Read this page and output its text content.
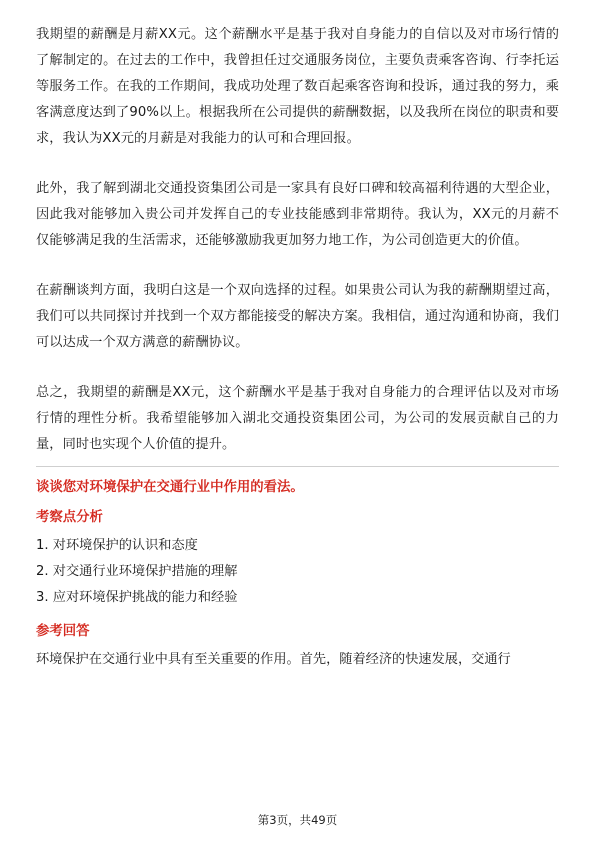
我期望的薪酬是月薪XX元。这个薪酬水平是基于我对自身能力的自信以及对市场行情的了解制定的。在过去的工作中，我曾担任过交通服务岗位，主要负责乘客咨询、行李托运等服务工作。在我的工作期间，我成功处理了数百起乘客咨询和投诉，通过我的努力，乘客满意度达到了90%以上。根据我所在公司提供的薪酬数据，以及我所在岗位的职责和要求，我认为XX元的月薪是对我能力的认可和合理回报。

此外，我了解到湖北交通投资集团公司是一家具有良好口碑和较高福利待遇的大型企业，因此我对能够加入贵公司并发挥自己的专业技能感到非常期待。我认为，XX元的月薪不仅能够满足我的生活需求，还能够激励我更加努力地工作，为公司创造更大的价值。

在薪酬谈判方面，我明白这是一个双向选择的过程。如果贵公司认为我的薪酬期望过高，我们可以共同探讨并找到一个双方都能接受的解决方案。我相信，通过沟通和协商，我们可以达成一个双方满意的薪酬协议。

总之，我期望的薪酬是XX元，这个薪酬水平是基于我对自身能力的合理评估以及对市场行情的理性分析。我希望能够加入湖北交通投资集团公司，为公司的发展贡献自己的力量，同时也实现个人价值的提升。

谈谈您对环境保护在交通行业中作用的看法。
考察点分析
1. 对环境保护的认识和态度
2. 对交通行业环境保护措施的理解
3. 应对环境保护挑战的能力和经验
参考回答

环境保护在交通行业中具有至关重要的作用。首先，随着经济的快速发展，交通行

第3页，共49页
